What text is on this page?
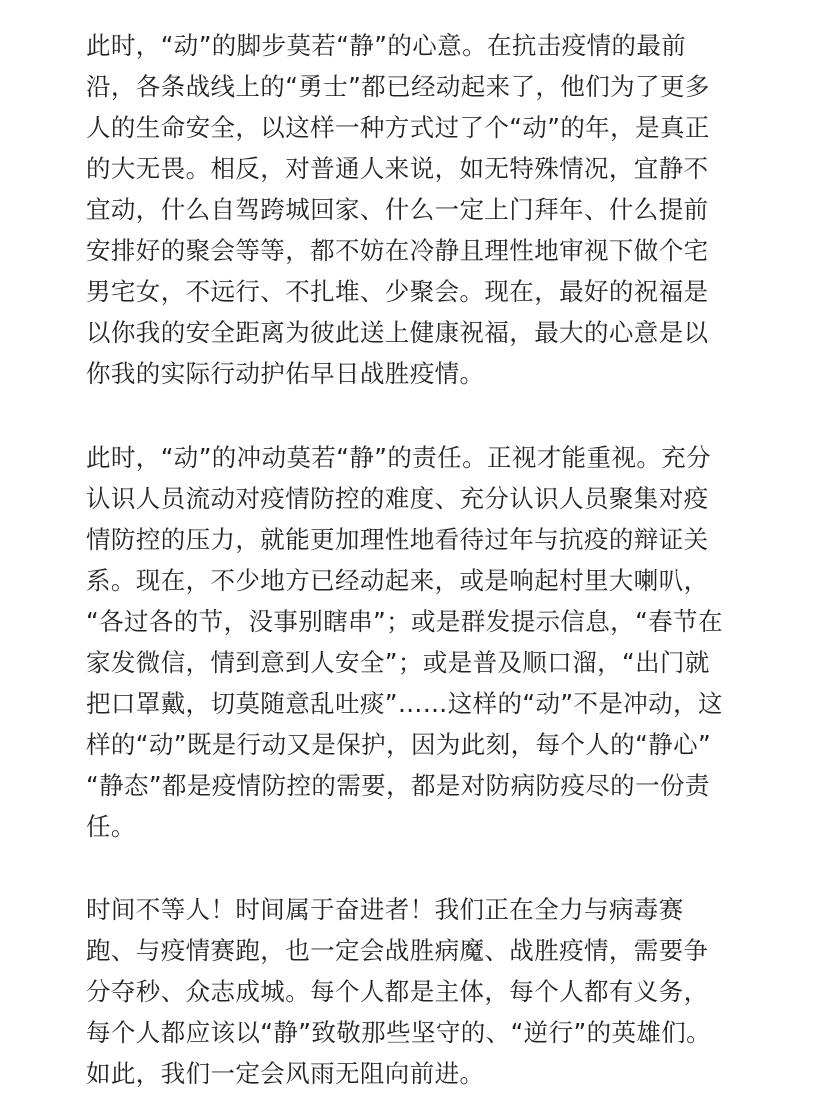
此时，“动”的脚步莫若“静”的心意。在抗击疫情的最前
沿，各条战线上的“勇士”都已经动起来了，他们为了更多
人的生命安全，以这样一种方式过了个“动”的年，是真正
的大无畏。相反，对普通人来说，如无特殊情况，宜静不
宜动，什么自驾跨城回家、什么一定上门拜年、什么提前
安排好的聚会等等，都不妨在冷静且理性地审视下做个宅
男宅女，不远行、不扎堆、少聚会。现在，最好的祝福是
以你我的安全距离为彼此送上健康祝福，最大的心意是以
你我的实际行动护佑早日战胜疫情。

此时，“动”的冲动莫若“静”的责任。正视才能重视。充分
认识人员流动对疫情防控的难度、充分认识人员聚集对疫
情防控的压力，就能更加理性地看待过年与抗疫的辩证关
系。现在，不少地方已经动起来，或是响起村里大喇叭，
“各过各的节，没事别瞎串”；或是群发提示信息，“春节在
家发微信，情到意到人安全”；或是普及顺口溜，“出门就
把口罩戴，切莫随意乱吐痰”……这样的“动”不是冲动，这
样的“动”既是行动又是保护，因为此刻，每个人的“静心”
“静态”都是疫情防控的需要，都是对防病防疫尽的一份责
任。

时间不等人！时间属于奋进者！我们正在全力与病毒赛
跑、与疫情赛跑，也一定会战胜病魔、战胜疫情，需要争
分夺秒、众志成城。每个人都是主体，每个人都有义务，
每个人都应该以“静”致敬那些坚守的、“逆行”的英雄们。
如此，我们一定会风雨无阻向前进。
